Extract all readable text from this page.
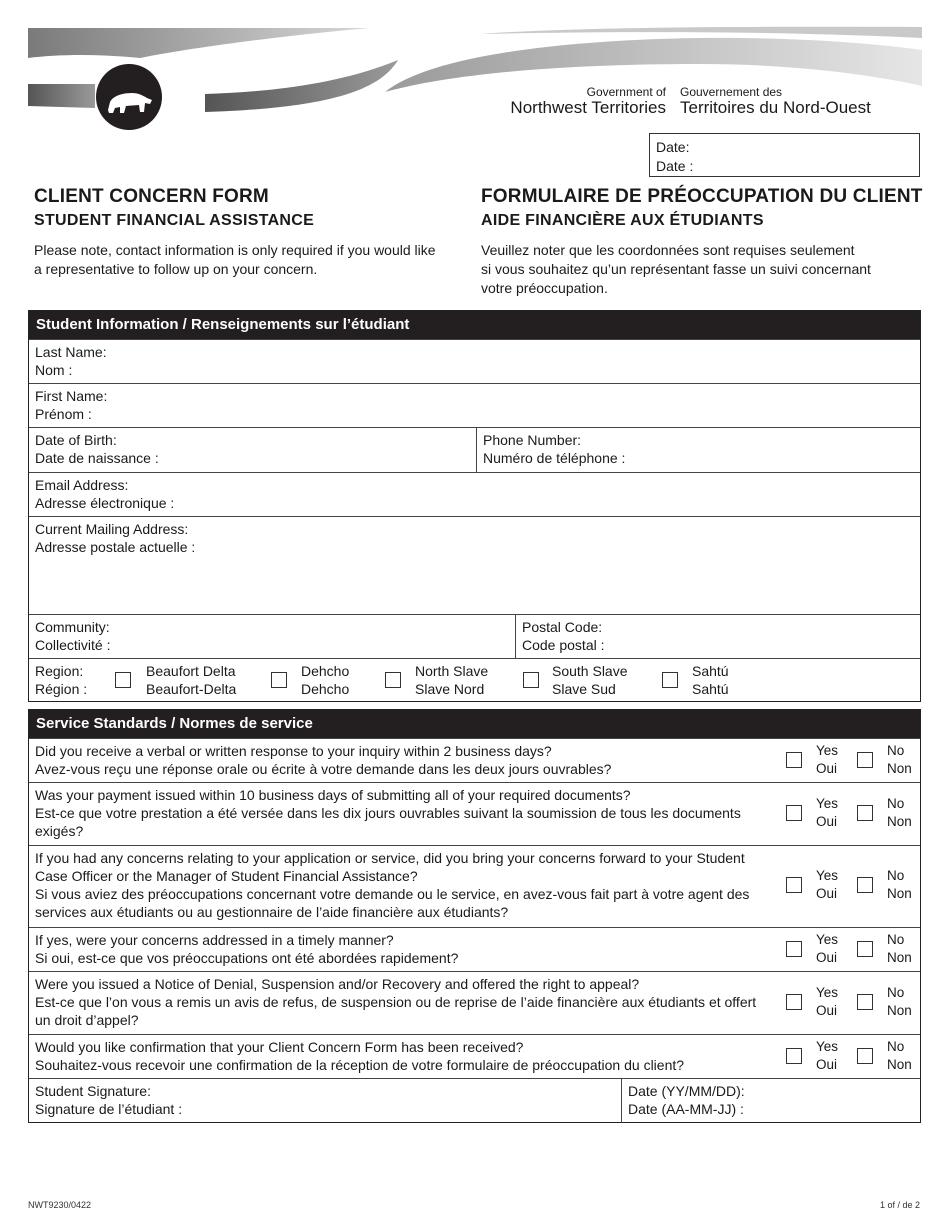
Government of
Northwest Territories
Gouvernement des
Territoires du Nord-Ouest
Date:
Date :
CLIENT CONCERN FORM
STUDENT FINANCIAL ASSISTANCE
FORMULAIRE DE PRÉOCCUPATION DU CLIENT
AIDE FINANCIÈRE AUX ÉTUDIANTS
Please note, contact information is only required if you would like
a representative to follow up on your concern.
Veuillez noter que les coordonnées sont requises seulement
si vous souhaitez qu’un représentant fasse un suivi concernant
votre préoccupation.
Student Information / Renseignements sur l’étudiant
Last Name:
Nom :
First Name:
Prénom :
Date of Birth:
Date de naissance :
Phone Number:
Numéro de téléphone :
Email Address:
Adresse électronique :
Current Mailing Address:
Adresse postale actuelle :
Community:
Collectivité :
Postal Code:
Code postal :
Region:
Région :
Beaufort Delta
Beaufort-Delta
Dehcho
Dehcho
North Slave
Slave Nord
South Slave
Slave Sud
Sahtú
Sahtú
Service Standards / Normes de service
Did you receive a verbal or written response to your inquiry within 2 business days?
Avez-vous reçu une réponse orale ou écrite à votre demande dans les deux jours ouvrables?
Yes
Oui
No
Non
Was your payment issued within 10 business days of submitting all of your required documents?
Est-ce que votre prestation a été versée dans les dix jours ouvrables suivant la soumission de tous les documents
exigés?
Yes
Oui
No
Non
If you had any concerns relating to your application or service, did you bring your concerns forward to your Student
Case Officer or the Manager of Student Financial Assistance?
Si vous aviez des préoccupations concernant votre demande ou le service, en avez-vous fait part à votre agent des
services aux étudiants ou au gestionnaire de l’aide financière aux étudiants?
Yes
Oui
No
Non
If yes, were your concerns addressed in a timely manner?
Si oui, est-ce que vos préoccupations ont été abordées rapidement?
Yes
Oui
No
Non
Were you issued a Notice of Denial, Suspension and/or Recovery and offered the right to appeal?
Est-ce que l’on vous a remis un avis de refus, de suspension ou de reprise de l’aide financière aux étudiants et offert
un droit d’appel?
Yes
Oui
No
Non
Would you like confirmation that your Client Concern Form has been received?
Souhaitez-vous recevoir une confirmation de la réception de votre formulaire de préoccupation du client?
Yes
Oui
No
Non
Student Signature:
Signature de l’étudiant :
Date (YY/MM/DD):
Date (AA-MM-JJ) :
NWT9230/0422	1 of / de 2
